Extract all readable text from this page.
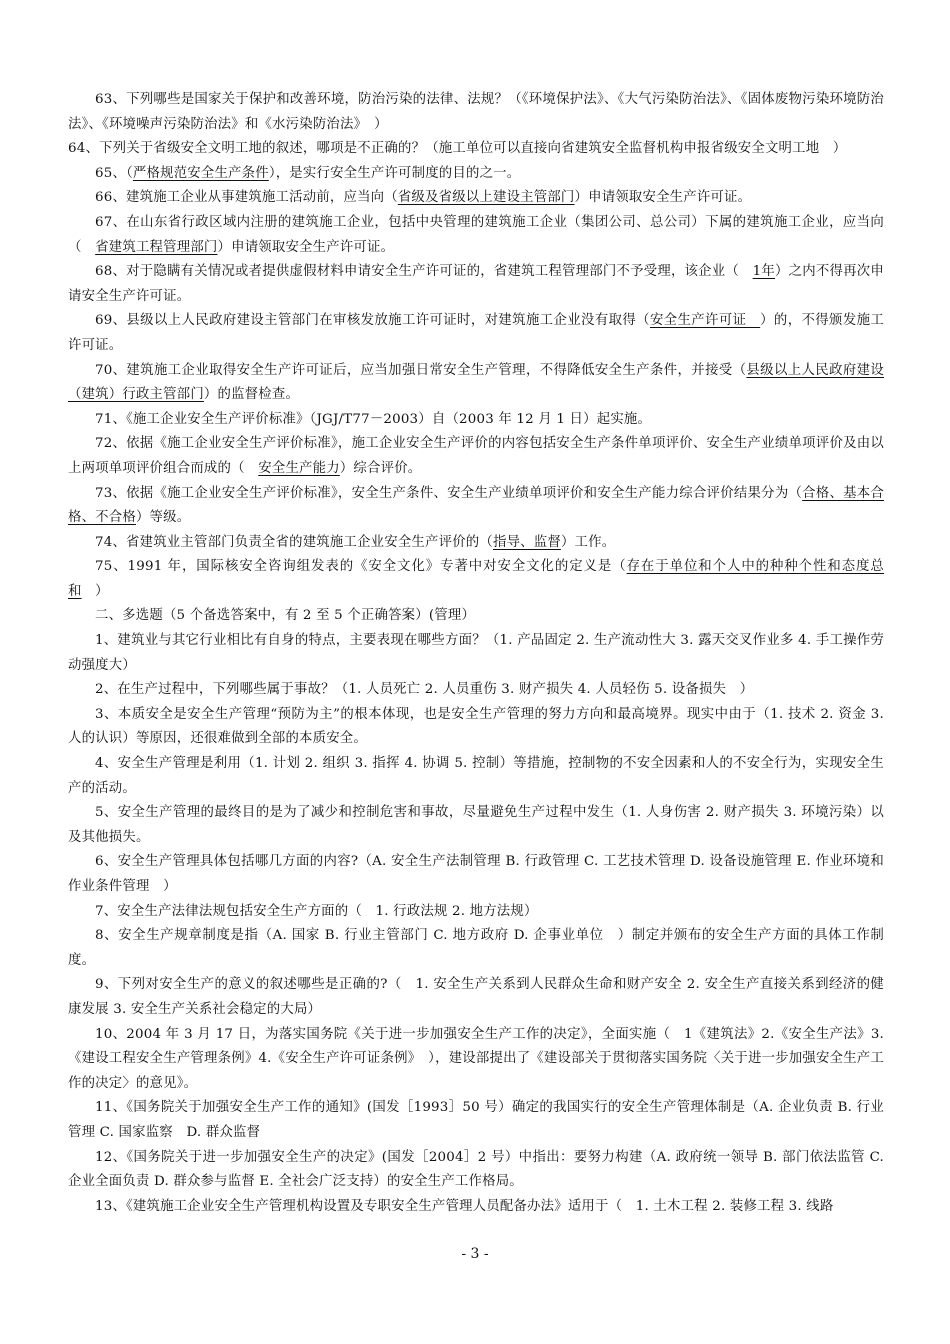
63、下列哪些是国家关于保护和改善环境，防治污染的法律、法规？（《环境保护法》、《大气污染防治法》、《固体废物污染环境防治法》、《环境噪声污染防治法》和《水污染防治法》　）

64、下列关于省级安全文明工地的叙述，哪项是不正确的？（施工单位可以直接向省建筑安全监督机构申报省级安全文明工地　）

65、（严格规范安全生产条件），是实行安全生产许可制度的目的之一。

66、建筑施工企业从事建筑施工活动前，应当向（省级及省级以上建设主管部门）申请领取安全生产许可证。

67、在山东省行政区域内注册的建筑施工企业，包括中央管理的建筑施工企业（集团公司、总公司）下属的建筑施工企业，应当向（　省建筑工程管理部门）申请领取安全生产许可证。

68、对于隐瞒有关情况或者提供虚假材料申请安全生产许可证的，省建筑工程管理部门不予受理，该企业（　1年）之内不得再次申请安全生产许可证。

69、县级以上人民政府建设主管部门在审核发放施工许可证时，对建筑施工企业没有取得（安全生产许可证　）的，不得颁发施工许可证。

70、建筑施工企业取得安全生产许可证后，应当加强日常安全生产管理，不得降低安全生产条件，并接受（县级以上人民政府建设（建筑）行政主管部门）的监督检查。

71、《施工企业安全生产评价标准》（JGJ/T77－2003）自（2003 年 12 月 1 日）起实施。

72、依据《施工企业安全生产评价标准》，施工企业安全生产评价的内容包括安全生产条件单项评价、安全生产业绩单项评价及由以上两项单项评价组合而成的（　安全生产能力）综合评价。

73、依据《施工企业安全生产评价标准》，安全生产条件、安全生产业绩单项评价和安全生产能力综合评价结果分为（合格、基本合格、不合格）等级。

74、省建筑业主管部门负责全省的建筑施工企业安全生产评价的（指导、监督）工作。

75、1991 年，国际核安全咨询组发表的《安全文化》专著中对安全文化的定义是（存在于单位和个人中的种种个性和态度总和　）

二、多选题（5 个备选答案中，有 2 至 5 个正确答案）(管理）

1、建筑业与其它行业相比有自身的特点，主要表现在哪些方面？（1. 产品固定 2. 生产流动性大 3. 露天交叉作业多 4. 手工操作劳动强度大）

2、在生产过程中，下列哪些属于事故？（1. 人员死亡 2. 人员重伤 3. 财产损失 4. 人员轻伤 5. 设备损失　）

3、本质安全是安全生产管理“预防为主”的根本体现，也是安全生产管理的努力方向和最高境界。现实中由于（1. 技术 2. 资金 3. 人的认识）等原因，还很难做到全部的本质安全。

4、安全生产管理是利用（1. 计划 2. 组织 3. 指挥 4. 协调 5. 控制）等措施，控制物的不安全因素和人的不安全行为，实现安全生产的活动。

5、安全生产管理的最终目的是为了减少和控制危害和事故，尽量避免生产过程中发生（1. 人身伤害 2. 财产损失 3. 环境污染）以及其他损失。

6、安全生产管理具体包括哪几方面的内容?（A. 安全生产法制管理 B. 行政管理 C. 工艺技术管理 D. 设备设施管理 E. 作业环境和作业条件管理　）

7、安全生产法律法规包括安全生产方面的（　1. 行政法规 2. 地方法规）

8、安全生产规章制度是指（A. 国家 B. 行业主管部门 C. 地方政府 D. 企事业单位　）制定并颁布的安全生产方面的具体工作制度。

9、下列对安全生产的意义的叙述哪些是正确的?（　1. 安全生产关系到人民群众生命和财产安全 2. 安全生产直接关系到经济的健康发展 3. 安全生产关系社会稳定的大局）

10、2004 年 3 月 17 日，为落实国务院《关于进一步加强安全生产工作的决定》，全面实施（　1《建筑法》2.《安全生产法》3.《建设工程安全生产管理条例》4.《安全生产许可证条例》　），建设部提出了《建设部关于贯彻落实国务院〈关于进一步加强安全生产工作的决定〉的意见》。

11、《国务院关于加强安全生产工作的通知》(国发［1993］50 号）确定的我国实行的安全生产管理体制是（A. 企业负责 B. 行业管理 C. 国家监察　D. 群众监督

12、《国务院关于进一步加强安全生产的决定》(国发［2004］2 号）中指出：要努力构建（A. 政府统一领导 B. 部门依法监管 C. 企业全面负责 D. 群众参与监督 E. 全社会广泛支持）的安全生产工作格局。

13、《建筑施工企业安全生产管理机构设置及专职安全生产管理人员配备办法》适用于（　1. 土木工程 2. 装修工程 3. 线路

- 3 -
